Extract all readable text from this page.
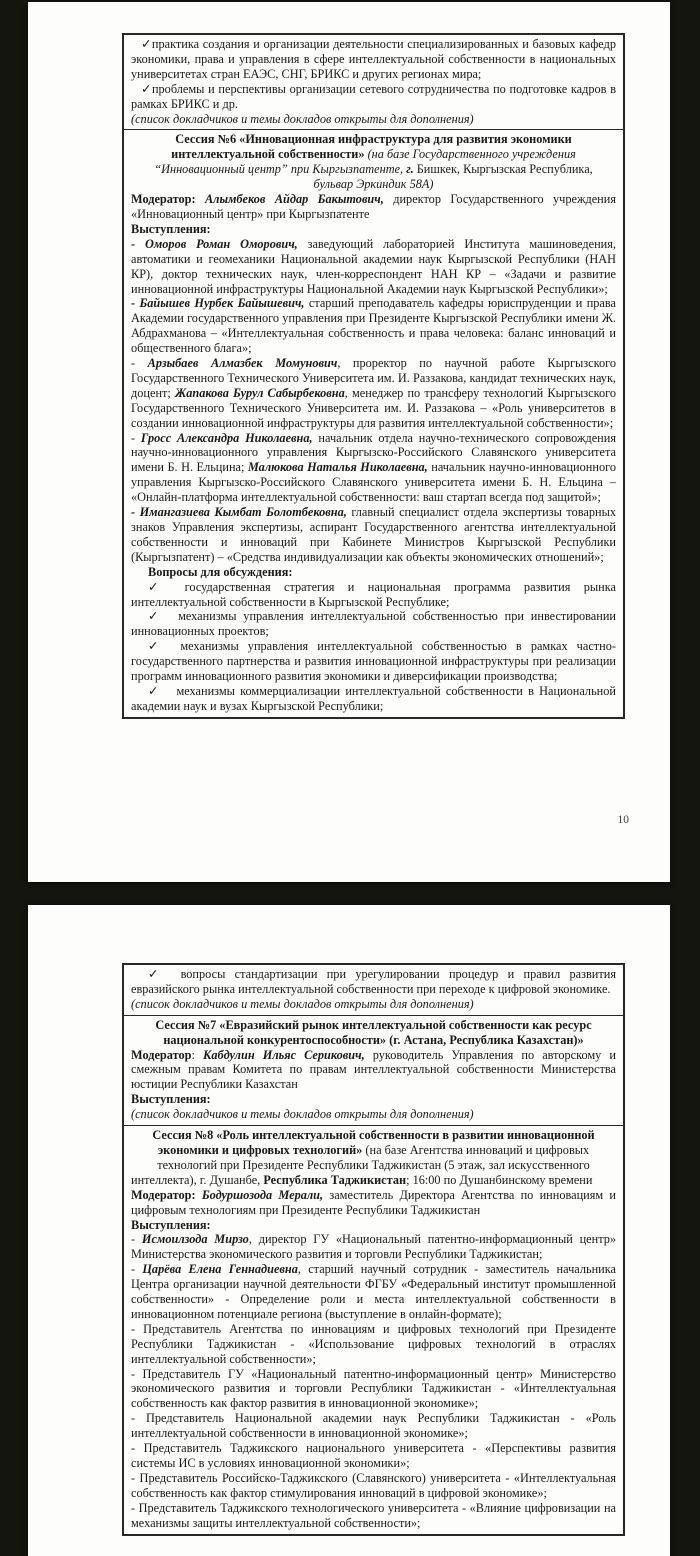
✓практика создания и организации деятельности специализированных и базовых кафедр экономики, права и управления в сфере интеллектуальной собственности в национальных университетах стран ЕАЭС, СНГ, БРИКС и других регионах мира;
✓проблемы и перспективы организации сетевого сотрудничества по подготовке кадров в рамках БРИКС и др.
(список докладчиков и темы докладов открыты для дополнения)
Сессия №6 «Инновационная инфраструктура для развития экономики
интеллектуальной собственности» (на базе Государственного учреждения
“Инновационный центр” при Кыргызпатенте, г. Бишкек, Кыргызская Республика,
бульвар Эркиндик 58А)
Модератор: Алымбеков Айдар Бакытович, директор Государственного учреждения «Инновационный центр» при Кыргызпатенте
Выступления:
- Оморов Роман Оморович, заведующий лабораторией Института машиноведения, автоматики и геомеханики Национальной академии наук Кыргызской Республики (НАН КР), доктор технических наук, член-корреспондент НАН КР – «Задачи и развитие инновационной инфраструктуры Национальной Академии наук Кыргызской Республики»;
- Байышев Нурбек Байышевич, старший преподаватель кафедры юриспруденции и права Академии государственного управления при Президенте Кыргызской Республики имени Ж. Абдрахманова – «Интеллектуальная собственность и права человека: баланс инноваций и общественного блага»;
- Арзыбаев Алмазбек Момунович, проректор по научной работе Кыргызского Государственного Технического Университета им. И. Раззакова, кандидат технических наук, доцент; Жапакова Бурул Сабырбековна, менеджер по трансферу технологий Кыргызского Государственного Технического Университета им. И. Раззакова – «Роль университетов в создании инновационной инфраструктуры для развития интеллектуальной собственности»;
- Гросс Александра Николаевна, начальник отдела научно-технического сопровождения научно-инновационного управления Кыргызско-Российского Славянского университета имени Б. Н. Ельцина; Малюкова Наталья Николаевна, начальник научно-инновационного управления Кыргызско-Российского Славянского университета имени Б. Н. Ельцина – «Онлайн-платформа интеллектуальной собственности: ваш стартап всегда под защитой»;
- Имангазиева Кымбат Болотбековна, главный специалист отдела экспертизы товарных знаков Управления экспертизы, аспирант Государственного агентства интеллектуальной собственности и инноваций при Кабинете Министров Кыргызской Республики (Кыргызпатент) – «Средства индивидуализации как объекты экономических отношений»;
Вопросы для обсуждения:
✓ государственная стратегия и национальная программа развития рынка интеллектуальной собственности в Кыргызской Республике;
✓ механизмы управления интеллектуальной собственностью при инвестировании инновационных проектов;
✓ механизмы управления интеллектуальной собственностью в рамках частно-государственного партнерства и развития инновационной инфраструктуры при реализации программ инновационного развития экономики и диверсификации производства;
✓ механизмы коммерциализации интеллектуальной собственности в Национальной академии наук и вузах Кыргызской Республики;
10
✓ вопросы стандартизации при урегулировании процедур и правил развития евразийского рынка интеллектуальной собственности при переходе к цифровой экономике.
(список докладчиков и темы докладов открыты для дополнения)
Сессия №7 «Евразийский рынок интеллектуальной собственности как ресурс
национальной конкурентоспособности» (г. Астана, Республика Казахстан)»
Модератор: Кабдулин Ильяс Серикович, руководитель Управления по авторскому и смежным правам Комитета по правам интеллектуальной собственности Министерства юстиции Республики Казахстан
Выступления:
(список докладчиков и темы докладов открыты для дополнения)
Сессия №8 «Роль интеллектуальной собственности в развитии инновационной
экономики и цифровых технологий» (на базе Агентства инноваций и цифровых
технологий при Президенте Республики Таджикистан (5 этаж, зал искусственного
интеллекта), г. Душанбе, Республика Таджикистан; 16:00 по Душанбинскому времени
Модератор: Бодуршозода Мерали, заместитель Директора Агентства по инновациям и цифровым технологиям при Президенте Республики Таджикистан
Выступления:
- Исмоилзода Мирзо, директор ГУ «Национальный патентно-информационный центр» Министерства экономического развития и торговли Республики Таджикистан;
- Царёва Елена Геннадиевна, старший научный сотрудник - заместитель начальника Центра организации научной деятельности ФГБУ «Федеральный институт промышленной собственности» - Определение роли и места интеллектуальной собственности в инновационном потенциале региона (выступление в онлайн-формате);
- Представитель Агентства по инновациям и цифровых технологий при Президенте Республики Таджикистан - «Использование цифровых технологий в отраслях интеллектуальной собственности»;
- Представитель ГУ «Национальный патентно-информационный центр» Министерство экономического развития и торговли Республики Таджикистан - «Интеллектуальная собственность как фактор развития в инновационной экономике»;
- Представитель Национальной академии наук Республики Таджикистан - «Роль интеллектуальной собственности в инновационной экономике»;
- Представитель Таджикского национального университета - «Перспективы развития системы ИС в условиях инновационной экономики»;
- Представитель Российско-Таджикского (Славянского) университета - «Интеллектуальная собственность как фактор стимулирования инноваций в цифровой экономике»;
- Представитель Таджикского технологического университета - «Влияние цифровизации на механизмы защиты интеллектуальной собственности»;
